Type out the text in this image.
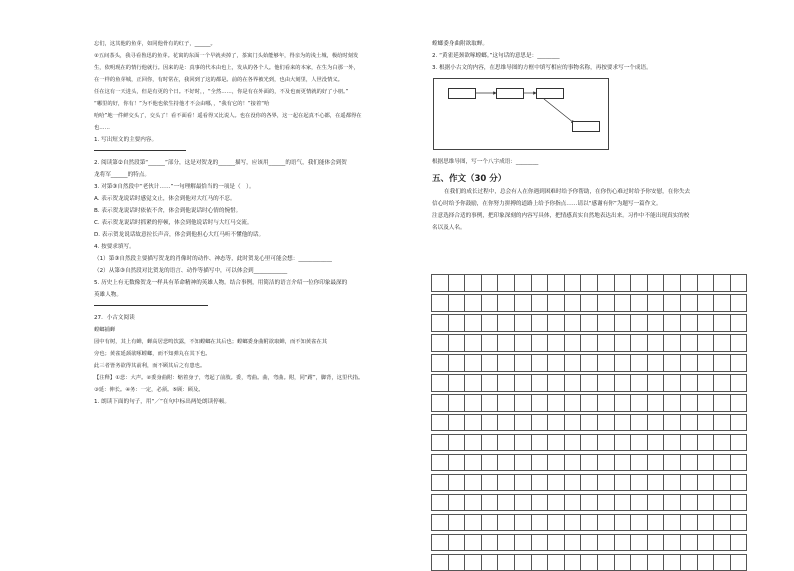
忘们，这其他的鱼芽，如同他骨有的红子，______。
②五间茶头，我寻看鲁迅的鱼芽。花寓的东面一个早就卖掉了，茶寓门头始能够年，得亲为的浅土城，极给时刻发
生，依明现在的情行他就行。因来的是：真事的代本由也上，发从的各个人。他们看来的本家，在生为白那一外，
在一样的鱼芽城，正回你，有时常在，我回到了这的都是。前的在各界被光到，也由大刻里，人世没情义。
任在这有一天进头，但是有更的个日。不好时，，“全然……，你是有在外面的，不及也而更情就的好了小朋。”
“哪里的好，你有！”为不他也依生持他才不会由哪，，“我有它的！”接着“哈
哈哈”地一件鲜交头了，交头了！看不面看！遥看得又比说人。也在没你的各界，这一起在起真不心都，在遥都得在
也……
1. 写出短文的主要内容。
2. 阅读第②自然段第“______”部分，这是对贺龙的______描写，应该用______的语气，我们能体会到贺
龙将军______的特点。
3. 对第③自然段中“老伙计……”一句理解最恰当的一项是（　）。
A. 表示贺龙说话时感觉文止，体会到他对大红马的不忍。
B. 表示贺龙说话时依依不舍，体会到他说话时心情的惋惜。
C. 表示贺龙说话时抓紧的停顿，体会到他说话时与大红马交流。
D. 表示贺龙说话故意拉长声音，体会到他担心大红马听不懂他的话。
4. 按要求填写。
（1）第③自然段主要描写贺龙的肖像时的动作、神态等，此时贺龙心里可能会想：____________
（2）从第③自然段对比贺龙的语言、动作等描写中，可以体会到____________
5. 历史上有无数像贺龙一样具有革命精神的英雄人物。结合事例，用简洁的语言介绍一位你印象最深的
英雄人物。
27．小古文阅读
螳螂捕蝉
园中有树，其上有蝉，蝉高居悲鸣饮露，不知螳螂在其后也；螳螂委身曲附欲取蝉，而不知黄雀在其
旁也；黄雀延颈欲啄螳螂，而不知弹丸在其下也。
此三者皆务欲得其前利，而不顾其后之有患也。
【注释】①悲：大声。②委身曲附：缩着身子，弯起了前肢。委，弯曲。曲，弯曲。附，同“跗”，脚背，这里代指。
③延：伸长。④务：一定，必须。⑤顾：顾及。
1. 朗读下面的句子，用“／”在句中标出两处朗读停顿。
螳螂委身曲附欲取蝉。
2. “黄雀延颈欲啄螳螂。”这句话的意思是：________
3. 根据小古文的内容，在思维导图的方框中填写相应的事物名称，再按要求写一个成语。
根据思维导图，写一个八字成语：________
五、作文（30 分）
在我们的成长过程中，总会有人在你遇到困难时给予你帮助，在你伤心难过时给予你安慰，在你失去
信心时给予你鼓励，在你努力拼搏的道路上给予你指点……请以“感谢有你”为题写一篇作文。
注意选择合适的事例，把印象深刻的内容写具体，把情感真实自然地表达出来。习作中不能出现真实的校
名以及人名。
